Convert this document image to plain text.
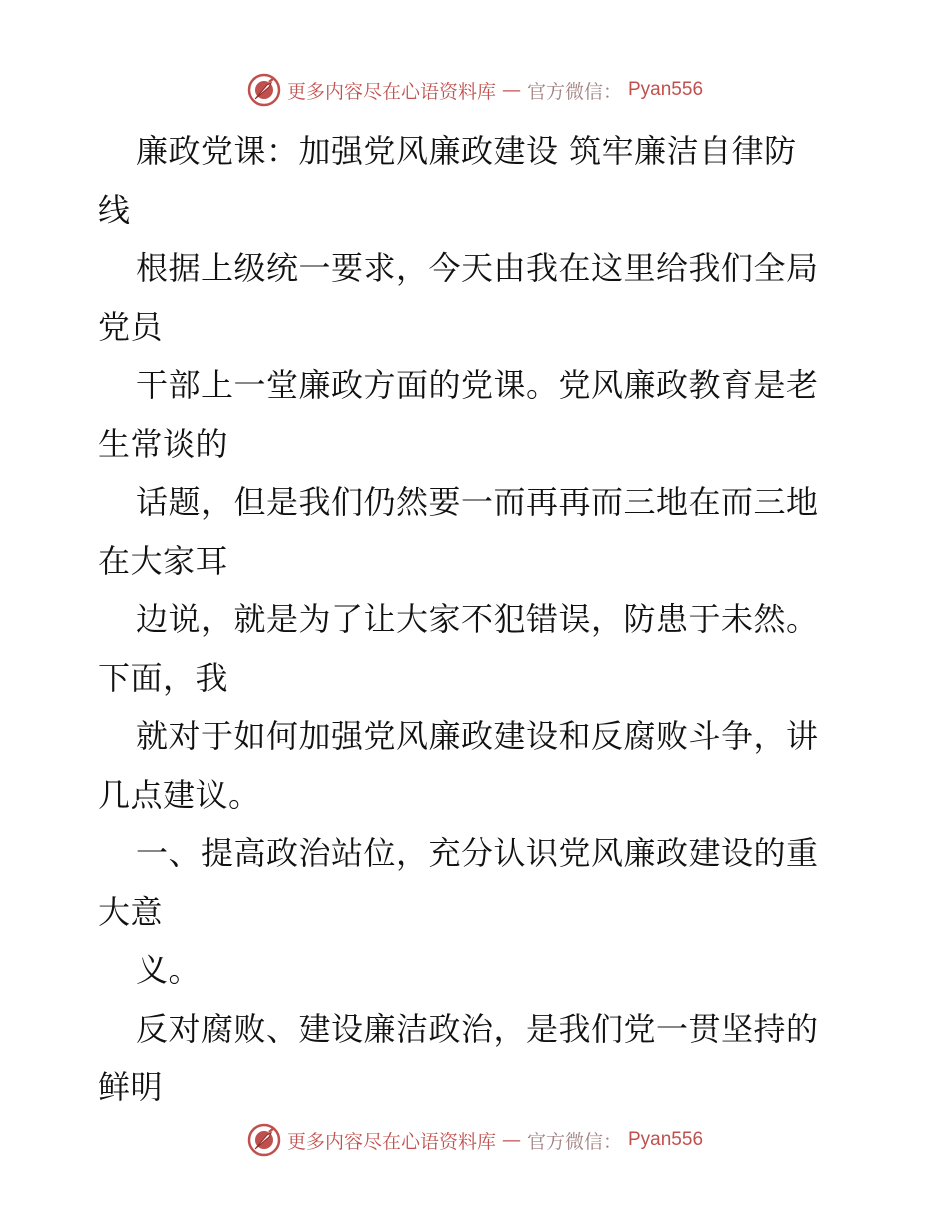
更多内容尽在心语资料库 — 官方微信： Pyan556

廉政党课：加强党风廉政建设 筑牢廉洁自律防
线

根据上级统一要求，今天由我在这里给我们全局
党员

干部上一堂廉政方面的党课。党风廉政教育是老
生常谈的

话题，但是我们仍然要一而再再而三地在而三地
在大家耳

边说，就是为了让大家不犯错误，防患于未然。
下面，我

就对于如何加强党风廉政建设和反腐败斗争，讲
几点建议。

一、提高政治站位，充分认识党风廉政建设的重
大意

义。

反对腐败、建设廉洁政治，是我们党一贯坚持的
鲜明

更多内容尽在心语资料库 — 官方微信： Pyan556
